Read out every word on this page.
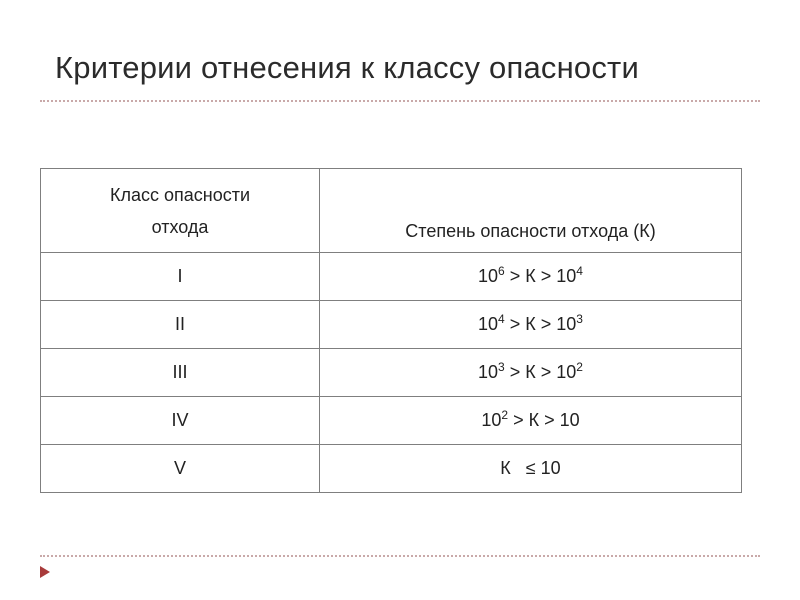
Критерии отнесения к классу опасности
Класс опасности
отхода	Степень опасности отхода (К)
I	$10^6 > К > 10^4$
II	$10^4 > К > 10^3$
III	$10^3 > К > 10^2$
IV	$10^2 > К > 10$
V	К   ≤ 10
